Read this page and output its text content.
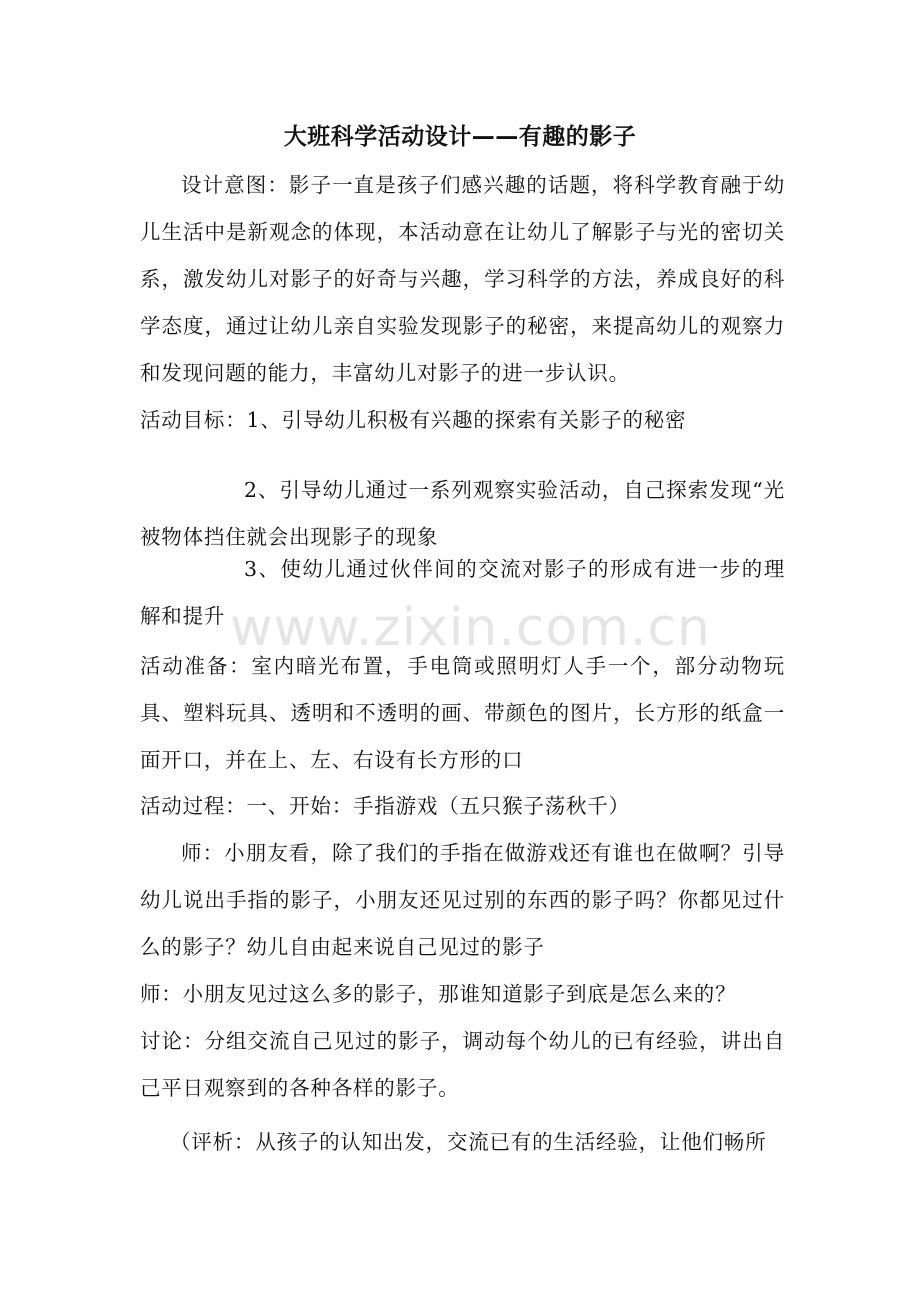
大班科学活动设计——有趣的影子

设计意图：影子一直是孩子们感兴趣的话题，将科学教育融于幼儿生活中是新观念的体现，本活动意在让幼儿了解影子与光的密切关系，激发幼儿对影子的好奇与兴趣，学习科学的方法，养成良好的科学态度，通过让幼儿亲自实验发现影子的秘密，来提高幼儿的观察力和发现问题的能力，丰富幼儿对影子的进一步认识。

活动目标：1、引导幼儿积极有兴趣的探索有关影子的秘密

2、引导幼儿通过一系列观察实验活动，自己探索发现“光被物体挡住就会出现影子的现象

3、使幼儿通过伙伴间的交流对影子的形成有进一步的理解和提升

活动准备：室内暗光布置，手电筒或照明灯人手一个，部分动物玩具、塑料玩具、透明和不透明的画、带颜色的图片，长方形的纸盒一面开口，并在上、左、右设有长方形的口

活动过程：一、开始：手指游戏（五只猴子荡秋千）

师：小朋友看，除了我们的手指在做游戏还有谁也在做啊？引导幼儿说出手指的影子，小朋友还见过别的东西的影子吗？你都见过什么的影子？幼儿自由起来说自己见过的影子

师：小朋友见过这么多的影子，那谁知道影子到底是怎么来的？

讨论：分组交流自己见过的影子，调动每个幼儿的已有经验，讲出自己平日观察到的各种各样的影子。

（评析：从孩子的认知出发，交流已有的生活经验，让他们畅所

www.zixin.com.cn
